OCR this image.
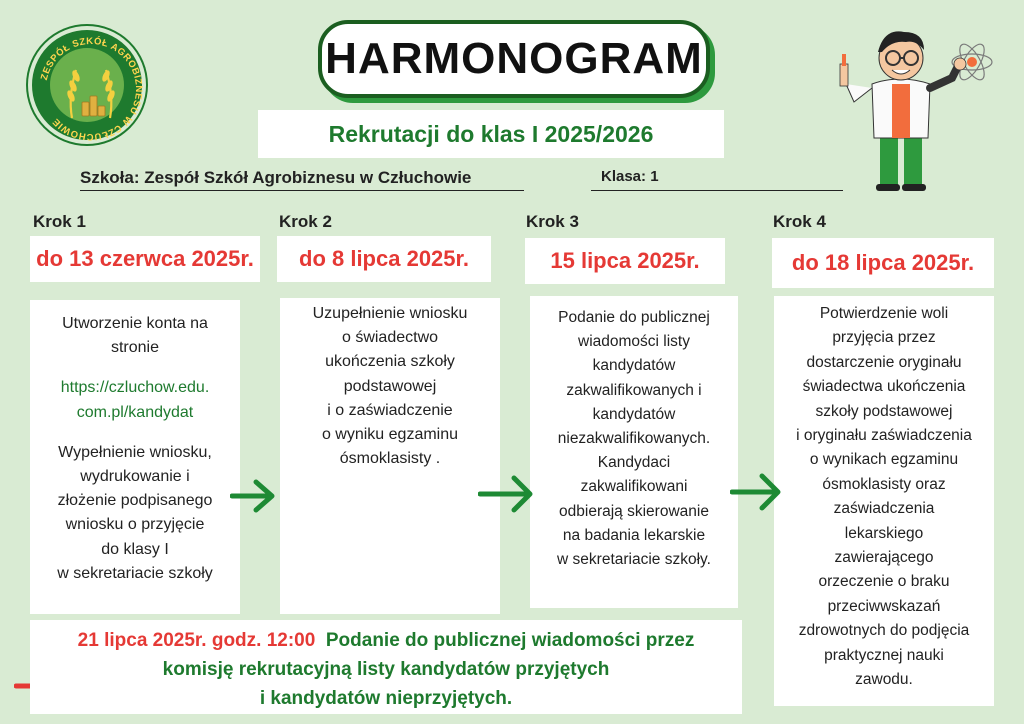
ZESPÓŁ SZKÓŁ AGROBIZNESU W CZŁUCHOWIE
HARMONOGRAM
Rekrutacji do klas I 2025/2026
Szkoła: Zespół Szkół Agrobiznesu w Człuchowie	Klasa: 1
Krok 1	Krok 2	Krok 3	Krok 4
do 13 czerwca 2025r.	do 8 lipca 2025r.	15 lipca 2025r.	do 18 lipca 2025r.
Utworzenie konta na
stronie
https://czluchow.edu.
com.pl/kandydat
Wypełnienie wniosku,
wydrukowanie i
złożenie podpisanego
wniosku o przyjęcie
do klasy I
w sekretariacie szkoły
Uzupełnienie wniosku
o świadectwo
ukończenia szkoły
podstawowej
i o zaświadczenie
o wyniku egzaminu
ósmoklasisty .
Podanie do publicznej
wiadomości listy
kandydatów
zakwalifikowanych i
kandydatów
niezakwalifikowanych.
Kandydaci
zakwalifikowani
odbierają skierowanie
na badania lekarskie
w sekretariacie szkoły.
Potwierdzenie woli
przyjęcia przez
dostarczenie oryginału
świadectwa ukończenia
szkoły podstawowej
i oryginału zaświadczenia
o wynikach egzaminu
ósmoklasisty oraz
zaświadczenia
lekarskiego
zawierającego
orzeczenie o braku
przeciwwskazań
zdrowotnych do podjęcia
praktycznej nauki
zawodu.
21 lipca 2025r. godz. 12:00 Podanie do publicznej wiadomości przez
komisję rekrutacyjną listy kandydatów przyjętych
i kandydatów nieprzyjętych.
